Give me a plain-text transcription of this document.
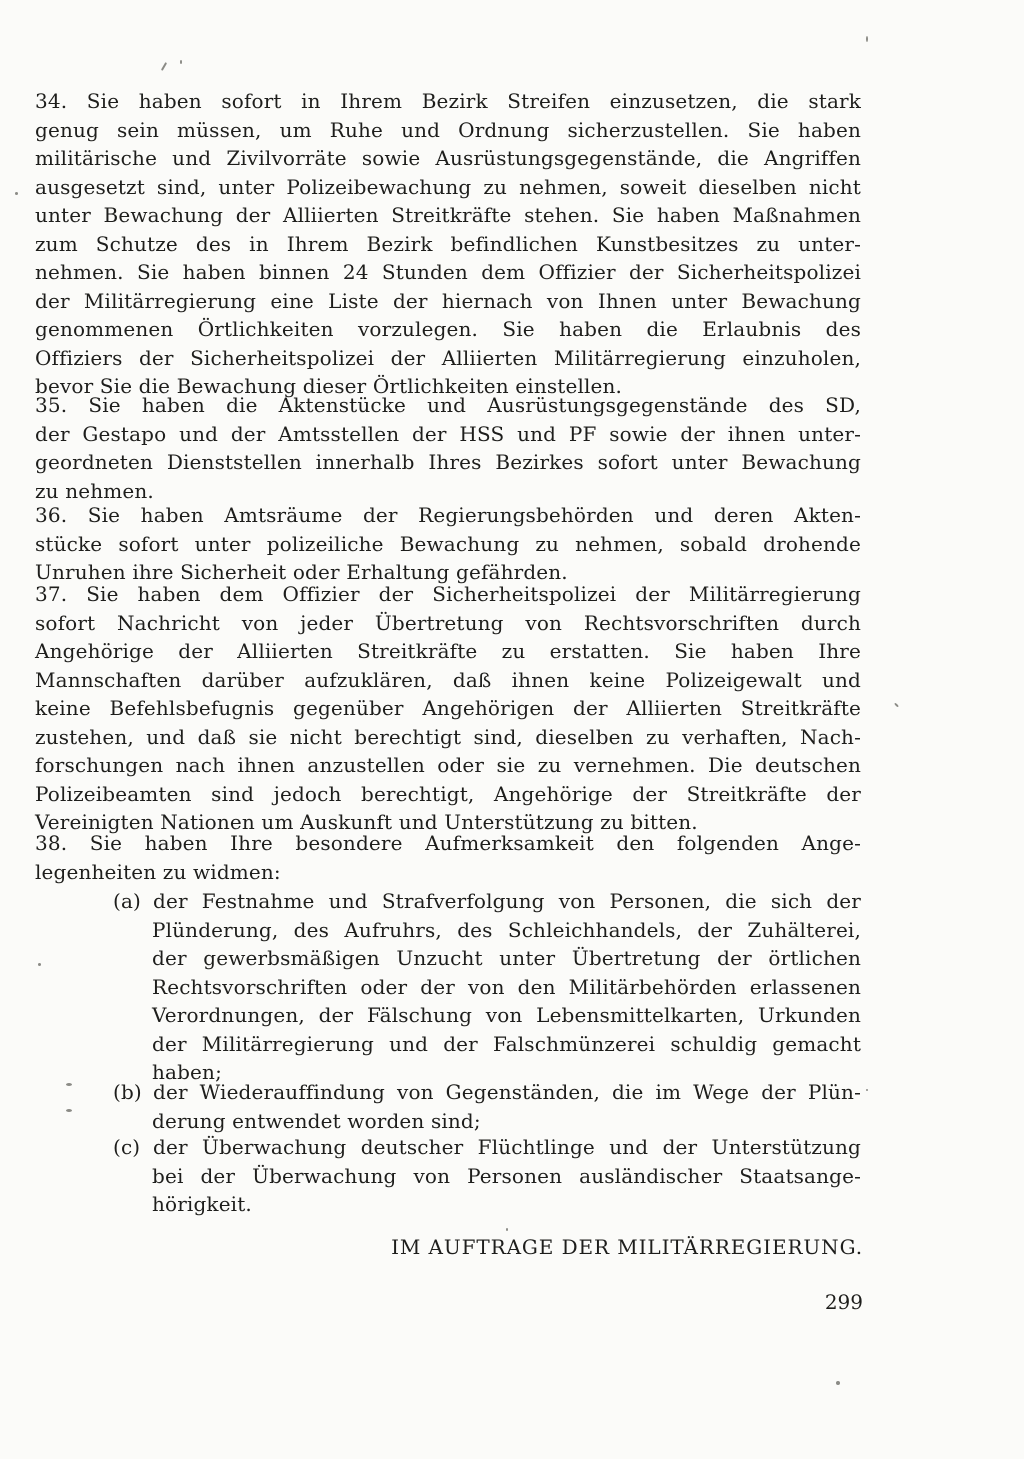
34. Sie haben sofort in Ihrem Bezirk Streifen einzusetzen, die stark
genug sein müssen, um Ruhe und Ordnung sicherzustellen. Sie haben
militärische und Zivilvorräte sowie Ausrüstungsgegenstände, die Angriffen
ausgesetzt sind, unter Polizeibewachung zu nehmen, soweit dieselben nicht
unter Bewachung der Alliierten Streitkräfte stehen. Sie haben Maßnahmen
zum Schutze des in Ihrem Bezirk befindlichen Kunstbesitzes zu unter-
nehmen. Sie haben binnen 24 Stunden dem Offizier der Sicherheitspolizei
der Militärregierung eine Liste der hiernach von Ihnen unter Bewachung
genommenen Örtlichkeiten vorzulegen. Sie haben die Erlaubnis des
Offiziers der Sicherheitspolizei der Alliierten Militärregierung einzuholen,
bevor Sie die Bewachung dieser Örtlichkeiten einstellen.
35. Sie haben die Aktenstücke und Ausrüstungsgegenstände des SD,
der Gestapo und der Amtsstellen der HSS und PF sowie der ihnen unter-
geordneten Dienststellen innerhalb Ihres Bezirkes sofort unter Bewachung
zu nehmen.
36. Sie haben Amtsräume der Regierungsbehörden und deren Akten-
stücke sofort unter polizeiliche Bewachung zu nehmen, sobald drohende
Unruhen ihre Sicherheit oder Erhaltung gefährden.
37. Sie haben dem Offizier der Sicherheitspolizei der Militärregierung
sofort Nachricht von jeder Übertretung von Rechtsvorschriften durch
Angehörige der Alliierten Streitkräfte zu erstatten. Sie haben Ihre
Mannschaften darüber aufzuklären, daß ihnen keine Polizeigewalt und
keine Befehlsbefugnis gegenüber Angehörigen der Alliierten Streitkräfte
zustehen, und daß sie nicht berechtigt sind, dieselben zu verhaften, Nach-
forschungen nach ihnen anzustellen oder sie zu vernehmen. Die deutschen
Polizeibeamten sind jedoch berechtigt, Angehörige der Streitkräfte der
Vereinigten Nationen um Auskunft und Unterstützung zu bitten.
38. Sie haben Ihre besondere Aufmerksamkeit den folgenden Ange-
legenheiten zu widmen:
(a) der Festnahme und Strafverfolgung von Personen, die sich der
Plünderung, des Aufruhrs, des Schleichhandels, der Zuhälterei,
der gewerbsmäßigen Unzucht unter Übertretung der örtlichen
Rechtsvorschriften oder der von den Militärbehörden erlassenen
Verordnungen, der Fälschung von Lebensmittelkarten, Urkunden
der Militärregierung und der Falschmünzerei schuldig gemacht
haben;
(b) der Wiederauffindung von Gegenständen, die im Wege der Plün-
derung entwendet worden sind;
(c) der Überwachung deutscher Flüchtlinge und der Unterstützung
bei der Überwachung von Personen ausländischer Staatsange-
hörigkeit.
IM AUFTRAGE DER MILITÄRREGIERUNG.
299
